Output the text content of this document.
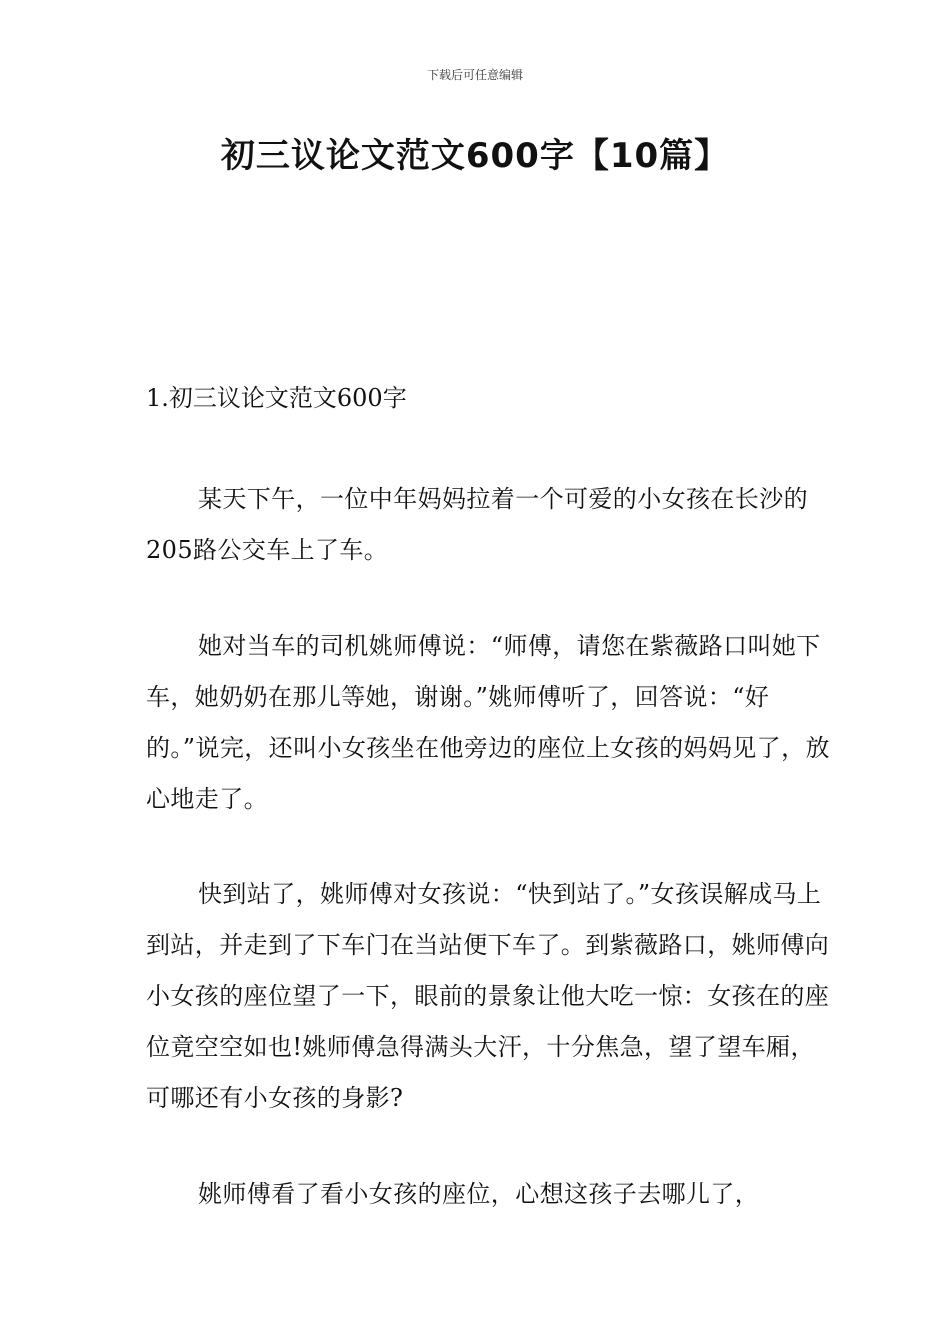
下载后可任意编辑
初三议论文范文600字【10篇】
1.初三议论文范文600字

某天下午，一位中年妈妈拉着一个可爱的小女孩在长沙的205路公交车上了车。

她对当车的司机姚师傅说：“师傅，请您在紫薇路口叫她下车，她奶奶在那儿等她，谢谢。”姚师傅听了，回答说：“好的。”说完，还叫小女孩坐在他旁边的座位上女孩的妈妈见了，放心地走了。

快到站了，姚师傅对女孩说：“快到站了。”女孩误解成马上到站，并走到了下车门在当站便下车了。到紫薇路口，姚师傅向小女孩的座位望了一下，眼前的景象让他大吃一惊：女孩在的座位竟空空如也!姚师傅急得满头大汗，十分焦急，望了望车厢，可哪还有小女孩的身影?

姚师傅看了看小女孩的座位，心想这孩子去哪儿了，
